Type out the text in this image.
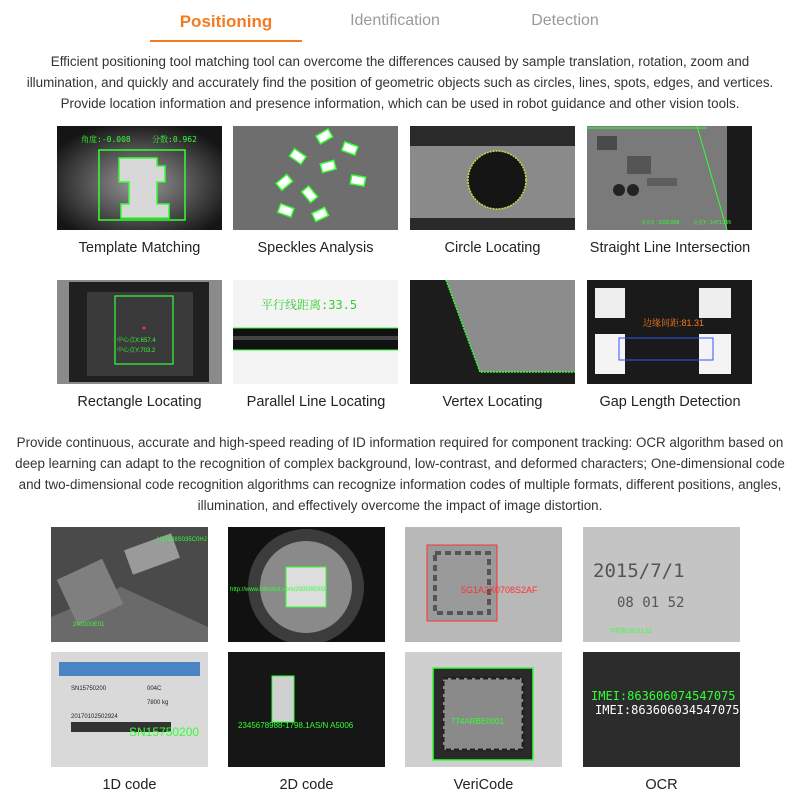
Positioning	Identification	Detection

Efficient positioning tool matching tool can overcome the differences caused by sample translation, rotation, zoom and illumination, and quickly and accurately find the position of geometric objects such as circles, lines, spots, edges, and vertices. Provide location information and presence information, which can be used in robot guidance and other vision tools.

角度:-0.008	分数:0.962
Template Matching	Speckles Analysis	Circle Locating
交点X : 2293.858	交点Y : 1471.395
Straight Line Intersection
中心点X:657.4
中心点Y:703.2
Rectangle Locating
平行线距离:33.5
Parallel Line Locating	Vertex Locating
边缘间距:81.31
Gap Length Detection

Provide continuous, accurate and high-speed reading of ID information required for component tracking: OCR algorithm based on deep learning can adapt to the recognition of complex background, low-contrast, and deformed characters; One-dimensional code and two-dimensional code recognition algorithms can recognize information codes of multiple formats, different positions, angles, illumination, and effectively overcome the impact of image distortion.

HJ2308S035C0HJ
2A0100E01
http://www.hikrobot.com/200000000	5G1A2X0708S2AF
2015/7/1
08 01 52
字符数:08:01:52
SN15750200	004C
7800 kg
20170102502924
SN15750200	2345678988-1798.1AS/N A5006	774ARBE0001
IMEI:863606074547075
IMEI:863606034547075
1D code	2D code	VeriCode	OCR
